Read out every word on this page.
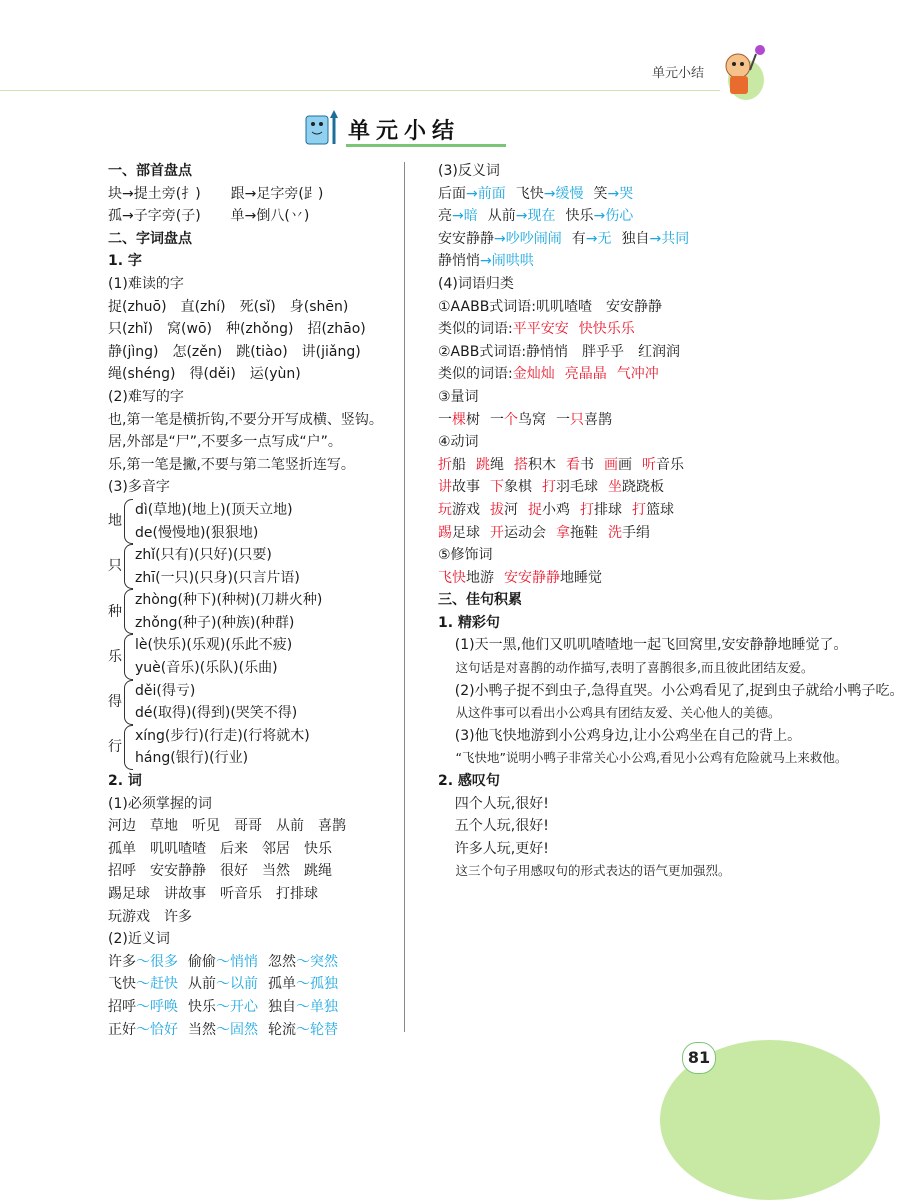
单元小结
单元小结
一、部首盘点
块→提土旁(扌) 跟→足字旁(𧾷)
孤→子字旁(子) 单→倒八(丷)
二、字词盘点
1. 字
(1)难读的字
捉(zhuō)　直(zhí)　死(sǐ)　身(shēn)
只(zhǐ)　窝(wō)　种(zhǒng)　招(zhāo)
静(jìng)　怎(zěn)　跳(tiào)　讲(jiǎng)
绳(shéng)　得(děi)　运(yùn)
(2)难写的字
也,第一笔是横折钩,不要分开写成横、竖钩。
居,外部是“尸”,不要多一点写成“户”。
乐,第一笔是撇,不要与第二笔竖折连写。
(3)多音字
地
dì(草地)(地上)(顶天立地)
de(慢慢地)(狠狠地)
只
zhǐ(只有)(只好)(只要)
zhī(一只)(只身)(只言片语)
种
zhòng(种下)(种树)(刀耕火种)
zhǒng(种子)(种族)(种群)
乐
lè(快乐)(乐观)(乐此不疲)
yuè(音乐)(乐队)(乐曲)
得
děi(得亏)
dé(取得)(得到)(哭笑不得)
行
xíng(步行)(行走)(行将就木)
háng(银行)(行业)
2. 词
(1)必须掌握的词
河边　草地　听见　哥哥　从前　喜鹊
孤单　叽叽喳喳　后来　邻居　快乐
招呼　安安静静　很好　当然　跳绳
踢足球　讲故事　听音乐　打排球
玩游戏　许多
(2)近义词
许多～很多 偷偷～悄悄 忽然～突然
飞快～赶快 从前～以前 孤单～孤独
招呼～呼唤 快乐～开心 独自～单独
正好～恰好 当然～固然 轮流～轮替
(3)反义词
后面→前面 飞快→缓慢 笑→哭
亮→暗 从前→现在 快乐→伤心
安安静静→吵吵闹闹 有→无 独自→共同
静悄悄→闹哄哄
(4)词语归类
①AABB式词语:叽叽喳喳　安安静静
类似的词语:平平安安 快快乐乐
②ABB式词语:静悄悄　胖乎乎　红润润
类似的词语:金灿灿 亮晶晶 气冲冲
③量词
一棵树 一个鸟窝 一只喜鹊
④动词
折船 跳绳 搭积木 看书 画画 听音乐
讲故事 下象棋 打羽毛球 坐跷跷板
玩游戏 拔河 捉小鸡 打排球 打篮球
踢足球 开运动会 拿拖鞋 洗手绢
⑤修饰词
飞快地游 安安静静地睡觉
三、佳句积累
1. 精彩句
(1)天一黑,他们又叽叽喳喳地一起飞回窝里,安安静静地睡觉了。
这句话是对喜鹊的动作描写,表明了喜鹊很多,而且彼此团结友爱。
(2)小鸭子捉不到虫子,急得直哭。小公鸡看见了,捉到虫子就给小鸭子吃。
从这件事可以看出小公鸡具有团结友爱、关心他人的美德。
(3)他飞快地游到小公鸡身边,让小公鸡坐在自己的背上。
“飞快地”说明小鸭子非常关心小公鸡,看见小公鸡有危险就马上来救他。
2. 感叹句
四个人玩,很好!
五个人玩,很好!
许多人玩,更好!
这三个句子用感叹句的形式表达的语气更加强烈。
81
